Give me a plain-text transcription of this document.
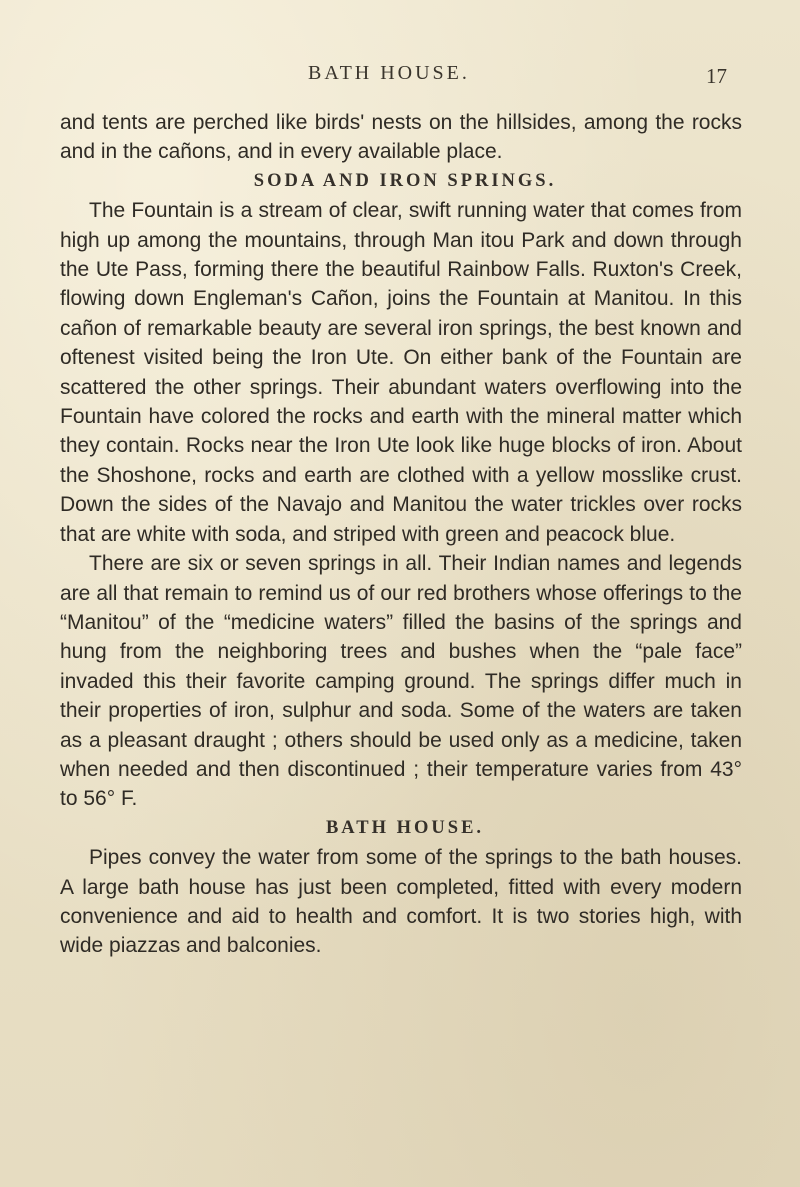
BATH HOUSE.	17

and tents are perched like birds' nests on the hillsides, among the rocks and in the cañons, and in every available place.

SODA AND IRON SPRINGS.

The Fountain is a stream of clear, swift running water that comes from high up among the mountains, through Man itou Park and down through the Ute Pass, forming there the beautiful Rainbow Falls. Ruxton's Creek, flowing down Engleman's Cañon, joins the Fountain at Manitou. In this cañon of remarkable beauty are several iron springs, the best known and oftenest visited being the Iron Ute. On either bank of the Fountain are scattered the other springs. Their abundant waters overflowing into the Fountain have colored the rocks and earth with the mineral matter which they contain. Rocks near the Iron Ute look like huge blocks of iron. About the Shoshone, rocks and earth are clothed with a yellow mosslike crust. Down the sides of the Navajo and Manitou the water trickles over rocks that are white with soda, and striped with green and peacock blue.

There are six or seven springs in all. Their Indian names and legends are all that remain to remind us of our red brothers whose offerings to the “Manitou” of the “medicine waters” filled the basins of the springs and hung from the neighboring trees and bushes when the “pale face” invaded this their favorite camping ground. The springs differ much in their properties of iron, sulphur and soda. Some of the waters are taken as a pleasant draught ; others should be used only as a medicine, taken when needed and then discontinued ; their temperature varies from 43° to 56° F.

BATH HOUSE.

Pipes convey the water from some of the springs to the bath houses. A large bath house has just been completed, fitted with every modern convenience and aid to health and comfort. It is two stories high, with wide piazzas and balconies.
